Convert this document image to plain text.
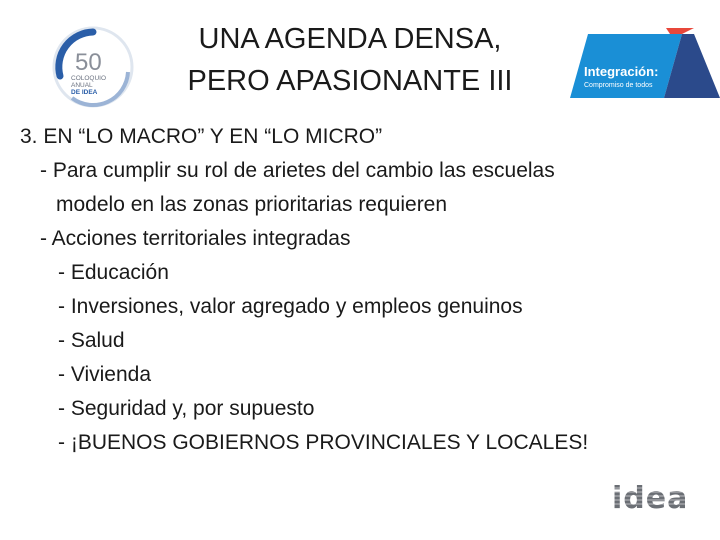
50
COLOQUIO
ANUAL
DE IDEA
UNA AGENDA DENSA,
PERO APASIONANTE III	Integración:
Compromiso de todos
3. EN “LO MACRO” Y EN “LO MICRO”
- Para cumplir su rol de arietes del cambio las escuelas
modelo en las zonas prioritarias requieren
- Acciones territoriales integradas
- Educación
- Inversiones, valor agregado y empleos genuinos
- Salud
- Vivienda
- Seguridad y, por supuesto
- ¡BUENOS GOBIERNOS PROVINCIALES Y LOCALES!
idea
